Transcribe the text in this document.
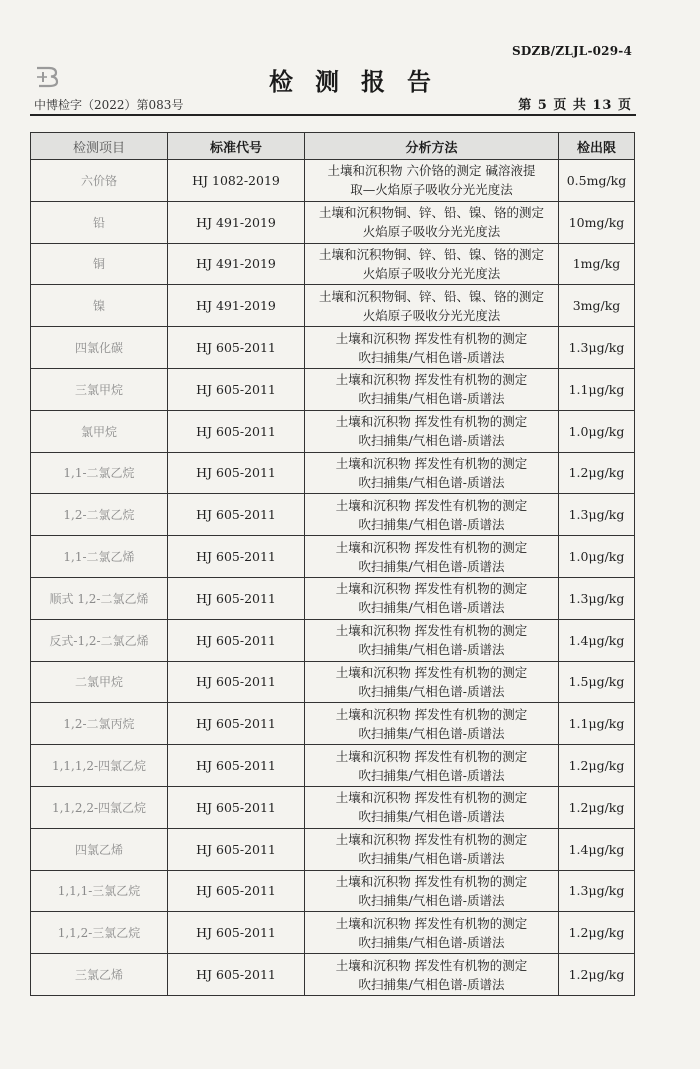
SDZB/ZLJL-029-4
检测报告
中博检字（2022）第083号	第 5 页 共 13 页
检测项目	标准代号	分析方法	检出限
六价铬	HJ 1082-2019	土壤和沉积物 六价铬的测定 碱溶液提
取—火焰原子吸收分光光度法	0.5mg/kg
铅	HJ 491-2019	土壤和沉积物铜、锌、铅、镍、铬的测定
火焰原子吸收分光光度法	10mg/kg
铜	HJ 491-2019	土壤和沉积物铜、锌、铅、镍、铬的测定
火焰原子吸收分光光度法	1mg/kg
镍	HJ 491-2019	土壤和沉积物铜、锌、铅、镍、铬的测定
火焰原子吸收分光光度法	3mg/kg
四氯化碳	HJ 605-2011	土壤和沉积物 挥发性有机物的测定
吹扫捕集/气相色谱-质谱法	1.3μg/kg
三氯甲烷	HJ 605-2011	土壤和沉积物 挥发性有机物的测定
吹扫捕集/气相色谱-质谱法	1.1μg/kg
氯甲烷	HJ 605-2011	土壤和沉积物 挥发性有机物的测定
吹扫捕集/气相色谱-质谱法	1.0μg/kg
1,1-二氯乙烷	HJ 605-2011	土壤和沉积物 挥发性有机物的测定
吹扫捕集/气相色谱-质谱法	1.2μg/kg
1,2-二氯乙烷	HJ 605-2011	土壤和沉积物 挥发性有机物的测定
吹扫捕集/气相色谱-质谱法	1.3μg/kg
1,1-二氯乙烯	HJ 605-2011	土壤和沉积物 挥发性有机物的测定
吹扫捕集/气相色谱-质谱法	1.0μg/kg
顺式 1,2-二氯乙烯	HJ 605-2011	土壤和沉积物 挥发性有机物的测定
吹扫捕集/气相色谱-质谱法	1.3μg/kg
反式-1,2-二氯乙烯	HJ 605-2011	土壤和沉积物 挥发性有机物的测定
吹扫捕集/气相色谱-质谱法	1.4μg/kg
二氯甲烷	HJ 605-2011	土壤和沉积物 挥发性有机物的测定
吹扫捕集/气相色谱-质谱法	1.5μg/kg
1,2-二氯丙烷	HJ 605-2011	土壤和沉积物 挥发性有机物的测定
吹扫捕集/气相色谱-质谱法	1.1μg/kg
1,1,1,2-四氯乙烷	HJ 605-2011	土壤和沉积物 挥发性有机物的测定
吹扫捕集/气相色谱-质谱法	1.2μg/kg
1,1,2,2-四氯乙烷	HJ 605-2011	土壤和沉积物 挥发性有机物的测定
吹扫捕集/气相色谱-质谱法	1.2μg/kg
四氯乙烯	HJ 605-2011	土壤和沉积物 挥发性有机物的测定
吹扫捕集/气相色谱-质谱法	1.4μg/kg
1,1,1-三氯乙烷	HJ 605-2011	土壤和沉积物 挥发性有机物的测定
吹扫捕集/气相色谱-质谱法	1.3μg/kg
1,1,2-三氯乙烷	HJ 605-2011	土壤和沉积物 挥发性有机物的测定
吹扫捕集/气相色谱-质谱法	1.2μg/kg
三氯乙烯	HJ 605-2011	土壤和沉积物 挥发性有机物的测定
吹扫捕集/气相色谱-质谱法	1.2μg/kg
